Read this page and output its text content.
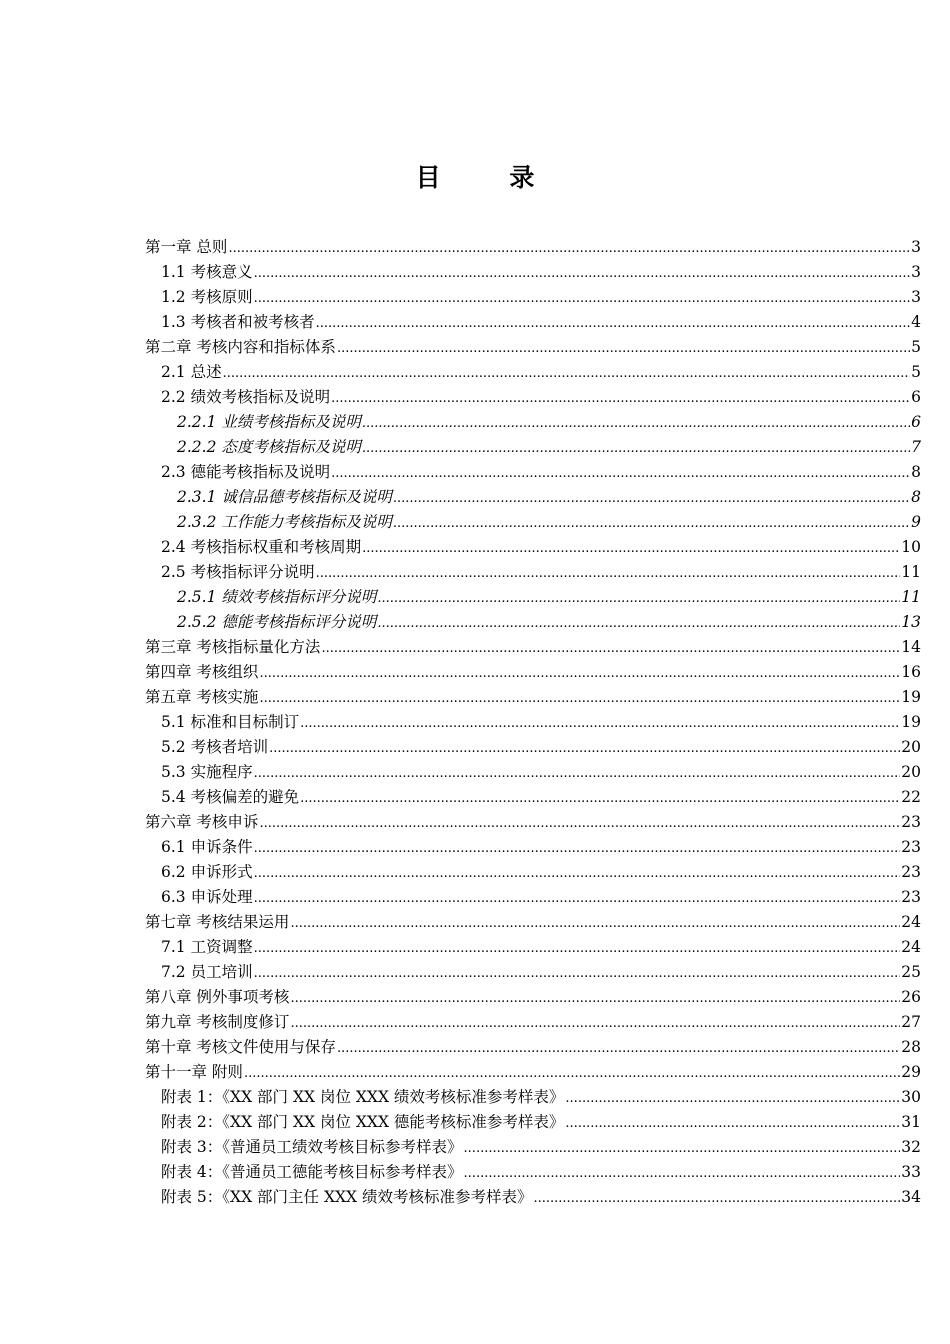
目 录
第一章 总则 .....	3
1.1 考核意义 .....	3
1.2 考核原则 .....	3
1.3 考核者和被考核者 .....	4
第二章 考核内容和指标体系 .....	5
2.1 总述 .....	5
2.2 绩效考核指标及说明 .....	6
2.2.1 业绩考核指标及说明 .....	6
2.2.2 态度考核指标及说明 .....	7
2.3 德能考核指标及说明 .....	8
2.3.1 诚信品德考核指标及说明 .....	8
2.3.2 工作能力考核指标及说明 .....	9
2.4 考核指标权重和考核周期 .....	10
2.5 考核指标评分说明 .....	11
2.5.1 绩效考核指标评分说明 .....	11
2.5.2 德能考核指标评分说明 .....	13
第三章 考核指标量化方法 .....	14
第四章 考核组织 .....	16
第五章 考核实施 .....	19
5.1 标准和目标制订 .....	19
5.2 考核者培训 .....	20
5.3 实施程序 .....	20
5.4 考核偏差的避免 .....	22
第六章 考核申诉 .....	23
6.1 申诉条件 .....	23
6.2 申诉形式 .....	23
6.3 申诉处理 .....	23
第七章 考核结果运用 .....	24
7.1 工资调整 .....	24
7.2 员工培训 .....	25
第八章 例外事项考核 .....	26
第九章 考核制度修订 .....	27
第十章 考核文件使用与保存 .....	28
第十一章 附则 .....	29
附表 1：《XX 部门 XX 岗位 XXX 绩效考核标准参考样表》 .....	30
附表 2：《XX 部门 XX 岗位 XXX 德能考核标准参考样表》 .....	31
附表 3：《普通员工绩效考核目标参考样表》 .....	32
附表 4：《普通员工德能考核目标参考样表》 .....	33
附表 5：《XX 部门主任 XXX 绩效考核标准参考样表》 .....	34
